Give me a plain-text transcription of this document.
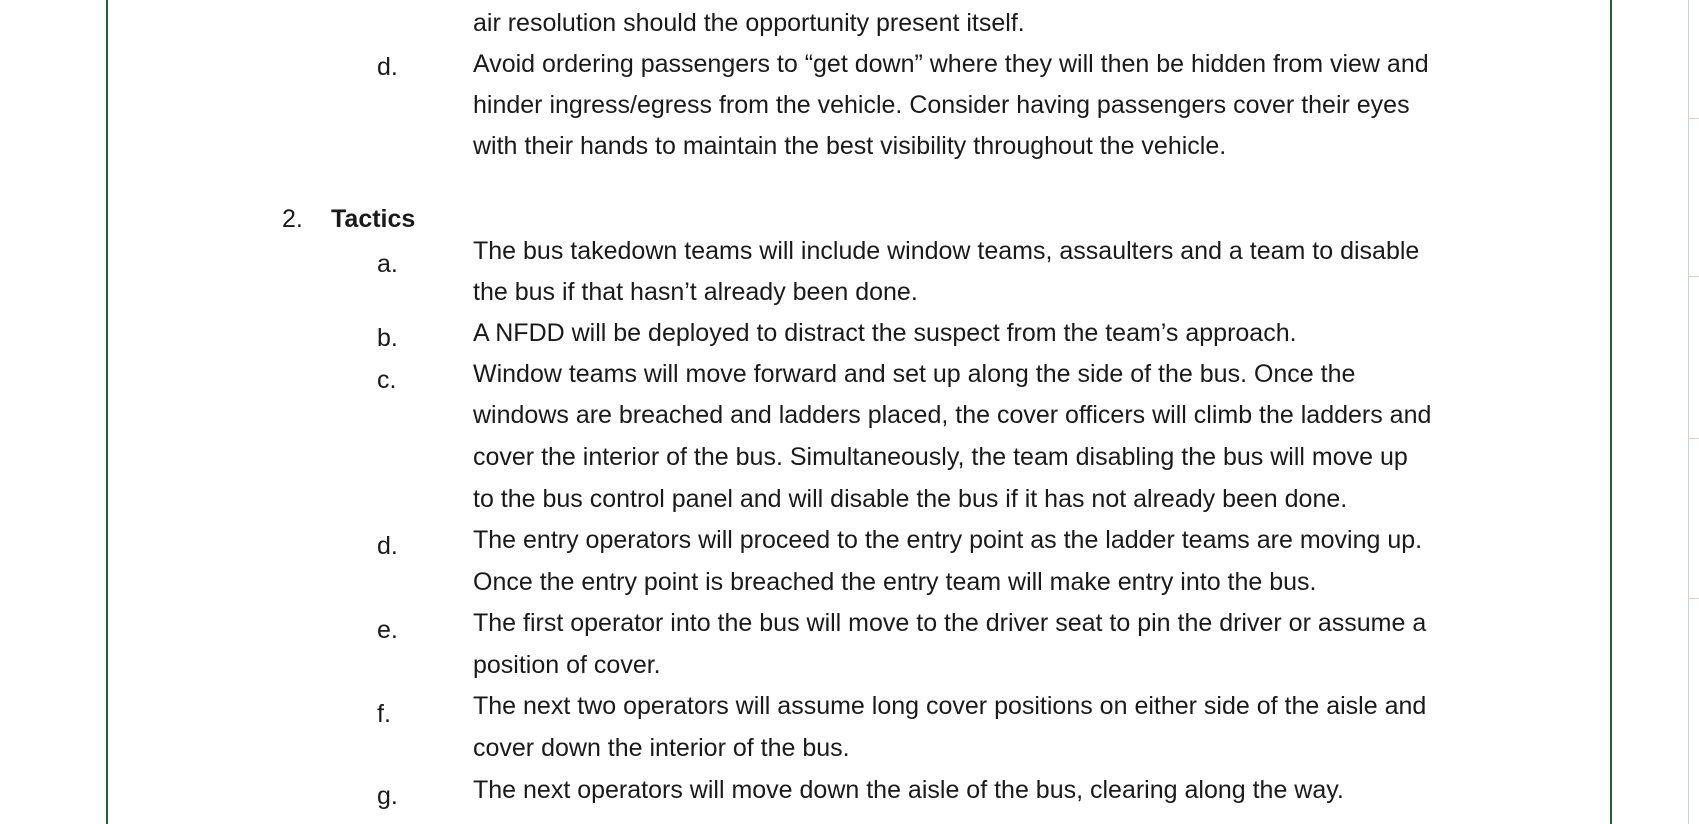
air resolution should the opportunity present itself.
d.	Avoid ordering passengers to “get down” where they will then be hidden from view and
hinder ingress/egress from the vehicle. Consider having passengers cover their eyes
with their hands to maintain the best visibility throughout the vehicle.
2. Tactics
a.	The bus takedown teams will include window teams, assaulters and a team to disable
the bus if that hasn’t already been done.
b.	A NFDD will be deployed to distract the suspect from the team’s approach.
c.	Window teams will move forward and set up along the side of the bus. Once the
windows are breached and ladders placed, the cover officers will climb the ladders and
cover the interior of the bus. Simultaneously, the team disabling the bus will move up
to the bus control panel and will disable the bus if it has not already been done.
d.	The entry operators will proceed to the entry point as the ladder teams are moving up.
Once the entry point is breached the entry team will make entry into the bus.
e.	The first operator into the bus will move to the driver seat to pin the driver or assume a
position of cover.
f.	The next two operators will assume long cover positions on either side of the aisle and
cover down the interior of the bus.
g.	The next operators will move down the aisle of the bus, clearing along the way.
